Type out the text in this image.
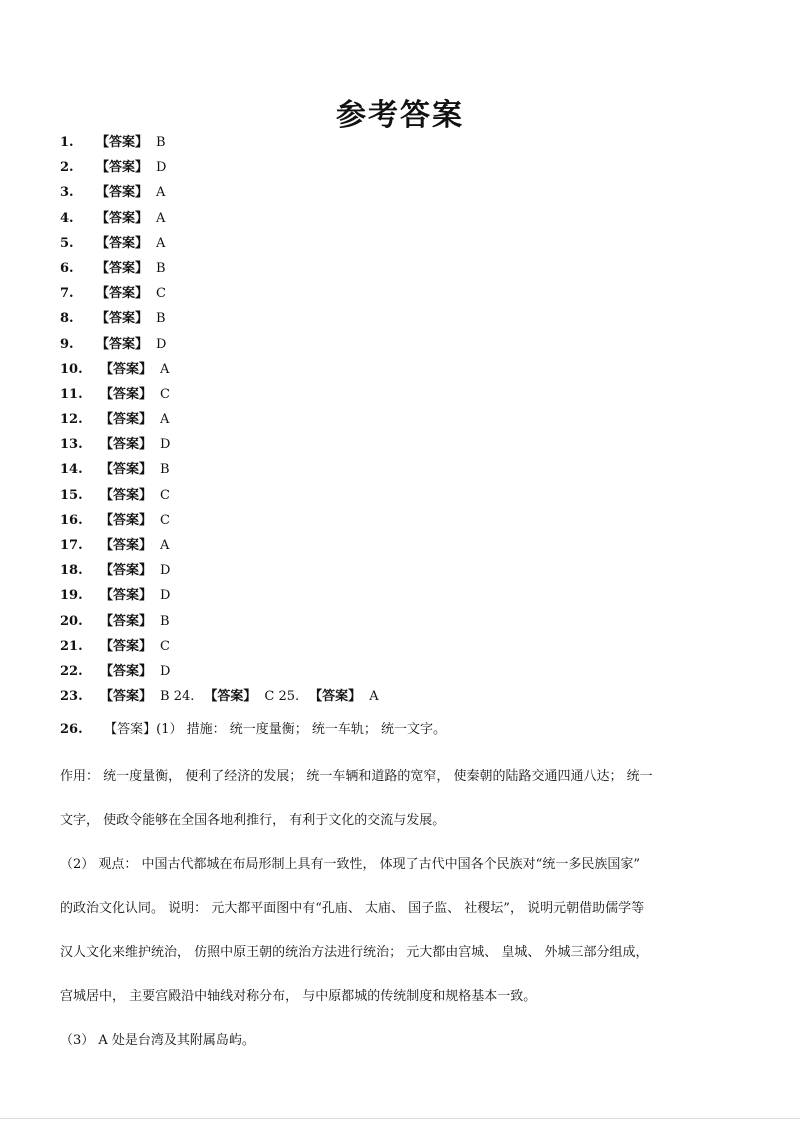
参考答案
1. 【答案】 B
2. 【答案】 D
3. 【答案】 A
4. 【答案】 A
5. 【答案】 A
6. 【答案】 B
7. 【答案】 C
8. 【答案】 B
9. 【答案】 D
10. 【答案】 A
11. 【答案】 C
12. 【答案】 A
13. 【答案】 D
14. 【答案】 B
15. 【答案】 C
16. 【答案】 C
17. 【答案】 A
18. 【答案】 D
19. 【答案】 D
20. 【答案】 B
21. 【答案】 C
22. 【答案】 D
23. 【答案】 B 24. 【答案】 C 25. 【答案】 A
26. 【答案】(1） 措施： 统一度量衡； 统一车轨； 统一文字。
作用： 统一度量衡， 便利了经济的发展； 统一车辆和道路的宽窄， 使秦朝的陆路交通四通八达； 统一
文字， 使政令能够在全国各地利推行， 有利于文化的交流与发展。
（2） 观点： 中国古代都城在布局形制上具有一致性， 体现了古代中国各个民族对“统一多民族国家”
的政治文化认同。 说明： 元大都平面图中有“孔庙、 太庙、 国子监、 社稷坛”， 说明元朝借助儒学等
汉人文化来维护统治， 仿照中原王朝的统治方法进行统治； 元大都由宫城、 皇城、 外城三部分组成，
宫城居中， 主要宫殿沿中轴线对称分布， 与中原都城的传统制度和规格基本一致。
（3） A 处是台湾及其附属岛屿。
